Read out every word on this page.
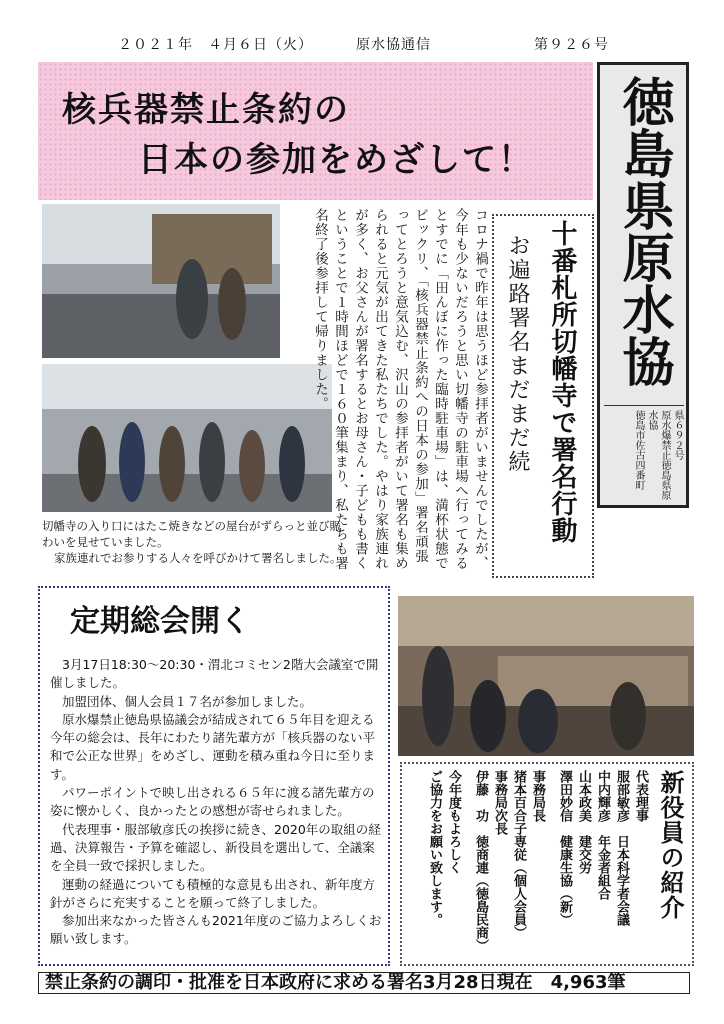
２０２１年　４月６日（火）	原水協通信	第９２６号
核兵器禁止条約の
日本の参加をめざして！ 徳島県原水協
県６９２号
原水爆禁止徳島県原水協
徳島市佐古四番町
切幡寺の入り口にはたこ焼きなどの屋台がずらっと並び賑わいを見せていました。
家族連れでお参りする人々を呼びかけて署名しました。	コロナ禍で昨年は思うほど参拝者がいませんでしたが、今年も少ないだろうと思い切幡寺の駐車場へ行ってみるとすでに「田んぼに作った臨時駐車場」は、満杯状態でビックリ、「核兵器禁止条約への日本の参加」署名頑張ってとろうと意気込む、沢山の参拝者がいて署名も集められると元気が出てきた私たちでした。やはり家族連れが多く、お父さんが署名するとお母さん・子どもも書くということで１時間ほどで１６０筆集まり、私たちも署名終了後参拝して帰りました。	十番札所切幡寺で署名行動
お遍路署名まだまだ続
定期総会開く

3月17日18:30〜20:30・渭北コミセン2階大会議室で開催しました。

加盟団体、個人会員１７名が参加しました。

原水爆禁止徳島県協議会が結成されて６５年目を迎える今年の総会は、長年にわたり諸先輩方が「核兵器のない平和で公正な世界」をめざし、運動を積み重ね今日に至ります。

パワーポイントで映し出される６５年に渡る諸先輩方の姿に懐かしく、良かったとの感想が寄せられました。

代表理事・服部敏彦氏の挨拶に続き、2020年の取組の経過、決算報告・予算を確認し、新役員を選出して、全議案を全員一致で採択しました。

運動の経過についても積極的な意見も出され、新年度方針がさらに充実することを願って終了しました。

参加出来なかった皆さんも2021年度のご協力よろしくお願い致します。

新役員の紹介
代表理事
服部敏彦　日本科学者会議
中内輝彦　年金者組合
山本政美　建交労
澤田妙信　健康生協（新）
事務局長
猪本百合子専従（個人会員）
事務局次長
伊藤　功　徳商連（徳島民商）
今年度もよろしく
ご協力をお願い致します。
禁止条約の調印・批准を日本政府に求める署名3月28日現在　4,963筆
